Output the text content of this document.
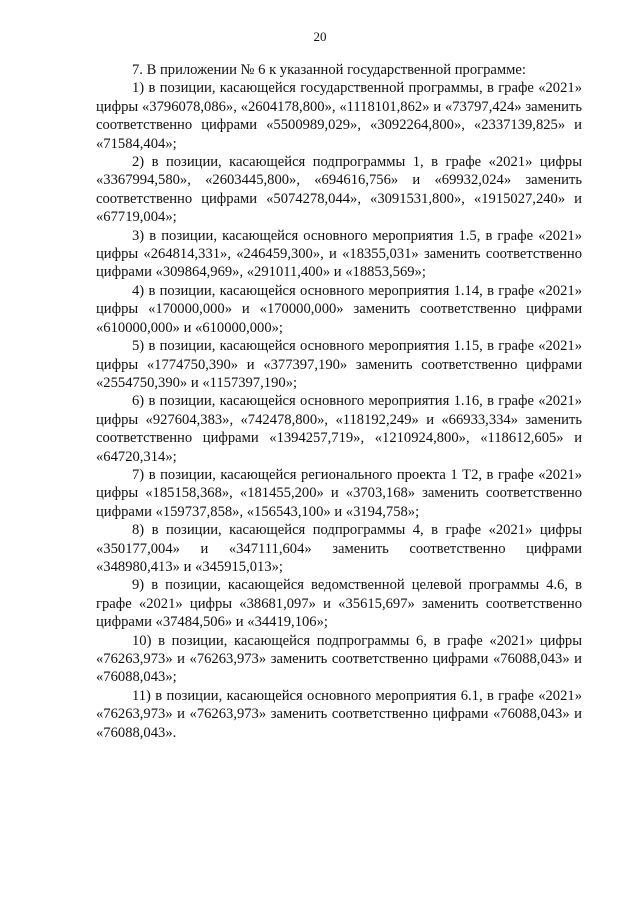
20

7. В приложении № 6 к указанной государственной программе:

1) в позиции, касающейся государственной программы, в графе «2021» цифры «3796078,086», «2604178,800», «1118101,862» и «73797,424» заменить соответственно цифрами «5500989,029», «3092264,800», «2337139,825» и «71584,404»;

2) в позиции, касающейся подпрограммы 1, в графе «2021» цифры «3367994,580», «2603445,800», «694616,756» и «69932,024» заменить соответственно цифрами «5074278,044», «3091531,800», «1915027,240» и «67719,004»;

3) в позиции, касающейся основного мероприятия 1.5, в графе «2021» цифры «264814,331», «246459,300», и «18355,031» заменить соответственно цифрами «309864,969», «291011,400» и «18853,569»;

4) в позиции, касающейся основного мероприятия 1.14, в графе «2021» цифры «170000,000» и «170000,000» заменить соответственно цифрами «610000,000» и «610000,000»;

5) в позиции, касающейся основного мероприятия 1.15, в графе «2021» цифры «1774750,390» и «377397,190» заменить соответственно цифрами «2554750,390» и «1157397,190»;

6) в позиции, касающейся основного мероприятия 1.16, в графе «2021» цифры «927604,383», «742478,800», «118192,249» и «66933,334» заменить соответственно цифрами «1394257,719», «1210924,800», «118612,605» и «64720,314»;

7) в позиции, касающейся регионального проекта 1 Т2, в графе «2021» цифры «185158,368», «181455,200» и «3703,168» заменить соответственно цифрами «159737,858», «156543,100» и «3194,758»;

8) в позиции, касающейся подпрограммы 4, в графе «2021» цифры «350177,004» и «347111,604» заменить соответственно цифрами «348980,413» и «345915,013»;

9) в позиции, касающейся ведомственной целевой программы 4.6, в графе «2021» цифры «38681,097» и «35615,697» заменить соответственно цифрами «37484,506» и «34419,106»;

10) в позиции, касающейся подпрограммы 6, в графе «2021» цифры «76263,973» и «76263,973» заменить соответственно цифрами «76088,043» и «76088,043»;

11) в позиции, касающейся основного мероприятия 6.1, в графе «2021» «76263,973» и «76263,973» заменить соответственно цифрами «76088,043» и «76088,043».
